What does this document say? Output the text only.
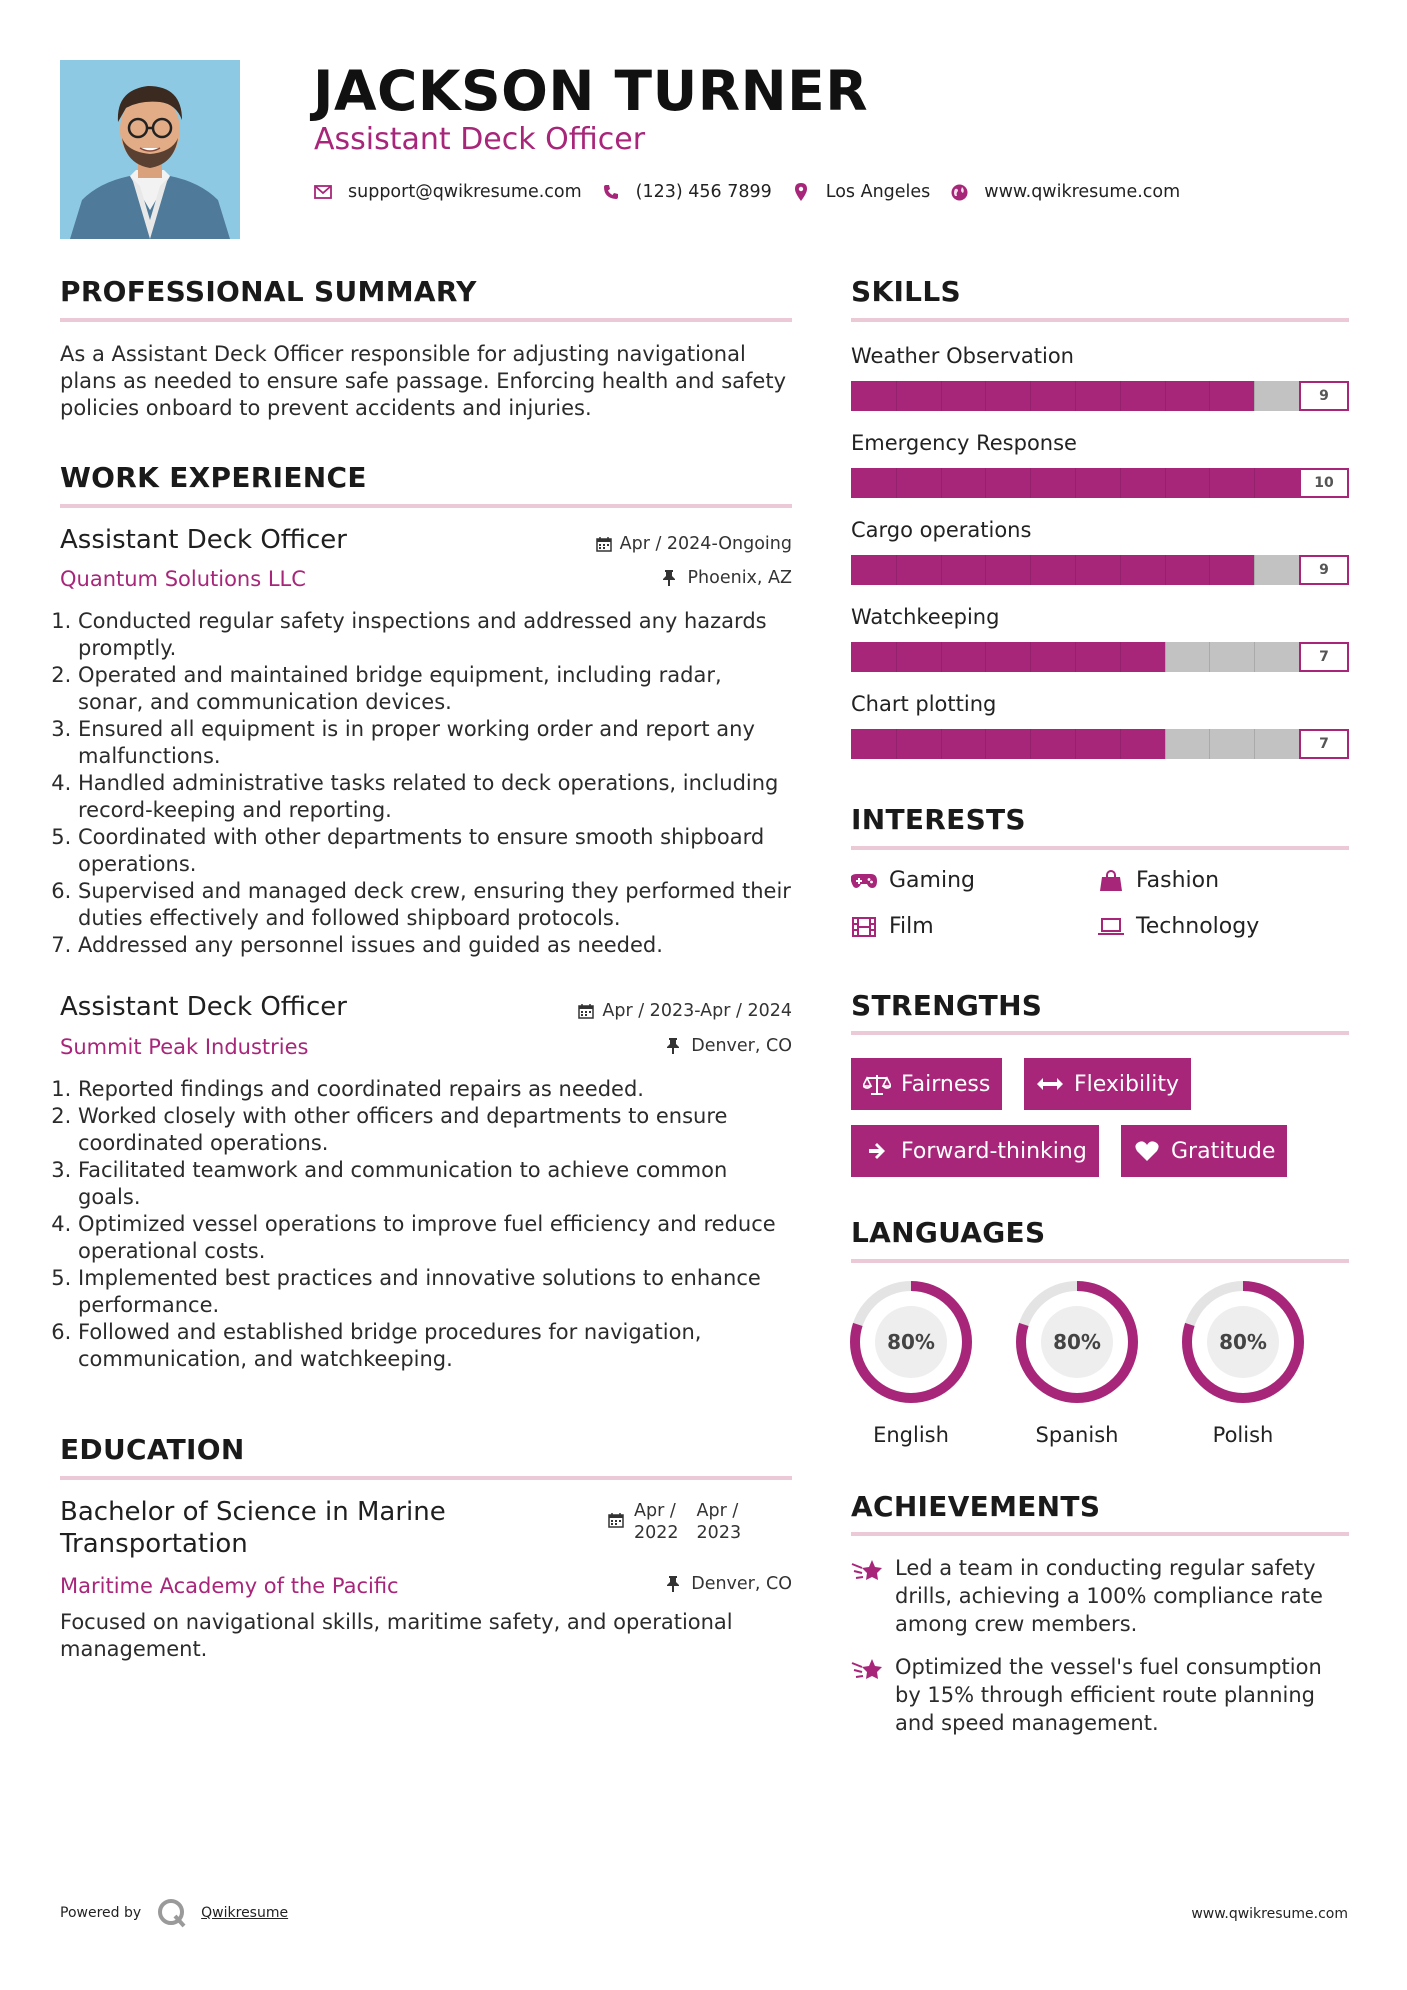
JACKSON TURNER
Assistant Deck Officer
support@qwikresume.com	(123) 456 7899	Los Angeles	www.qwikresume.com
PROFESSIONAL SUMMARY

As a Assistant Deck Officer responsible for adjusting navigational plans as needed to ensure safe passage. Enforcing health and safety policies onboard to prevent accidents and injuries.

WORK EXPERIENCE
Assistant Deck Officer	Apr / 2024-Ongoing
Quantum Solutions LLC	Phoenix, AZ
1. Conducted regular safety inspections and addressed any hazards promptly.
2. Operated and maintained bridge equipment, including radar, sonar, and communication devices.
3. Ensured all equipment is in proper working order and report any malfunctions.
4. Handled administrative tasks related to deck operations, including record-keeping and reporting.
5. Coordinated with other departments to ensure smooth shipboard operations.
6. Supervised and managed deck crew, ensuring they performed their duties effectively and followed shipboard protocols.
7. Addressed any personnel issues and guided as needed.
Assistant Deck Officer	Apr / 2023-Apr / 2024
Summit Peak Industries	Denver, CO
1. Reported findings and coordinated repairs as needed.
2. Worked closely with other officers and departments to ensure coordinated operations.
3. Facilitated teamwork and communication to achieve common goals.
4. Optimized vessel operations to improve fuel efficiency and reduce operational costs.
5. Implemented best practices and innovative solutions to enhance performance.
6. Followed and established bridge procedures for navigation, communication, and watchkeeping.
EDUCATION
Bachelor of Science in Marine
Transportation
Apr /
2022
Apr /
2023
Maritime Academy of the Pacific	Denver, CO

Focused on navigational skills, maritime safety, and operational management.

SKILLS
Weather Observation
9
Emergency Response
10
Cargo operations
9
Watchkeeping
7
Chart plotting
7
INTERESTS
Gaming	Fashion
Film	Technology
STRENGTHS
Fairness	Flexibility
Forward-thinking	Gratitude
LANGUAGES
80%
English
80%
Spanish
80%
Polish
ACHIEVEMENTS
Led a team in conducting regular safety drills, achieving a 100% compliance rate among crew members.
Optimized the vessel's fuel consumption by 15% through efficient route planning and speed management.
Powered by	Qwikresume	www.qwikresume.com
